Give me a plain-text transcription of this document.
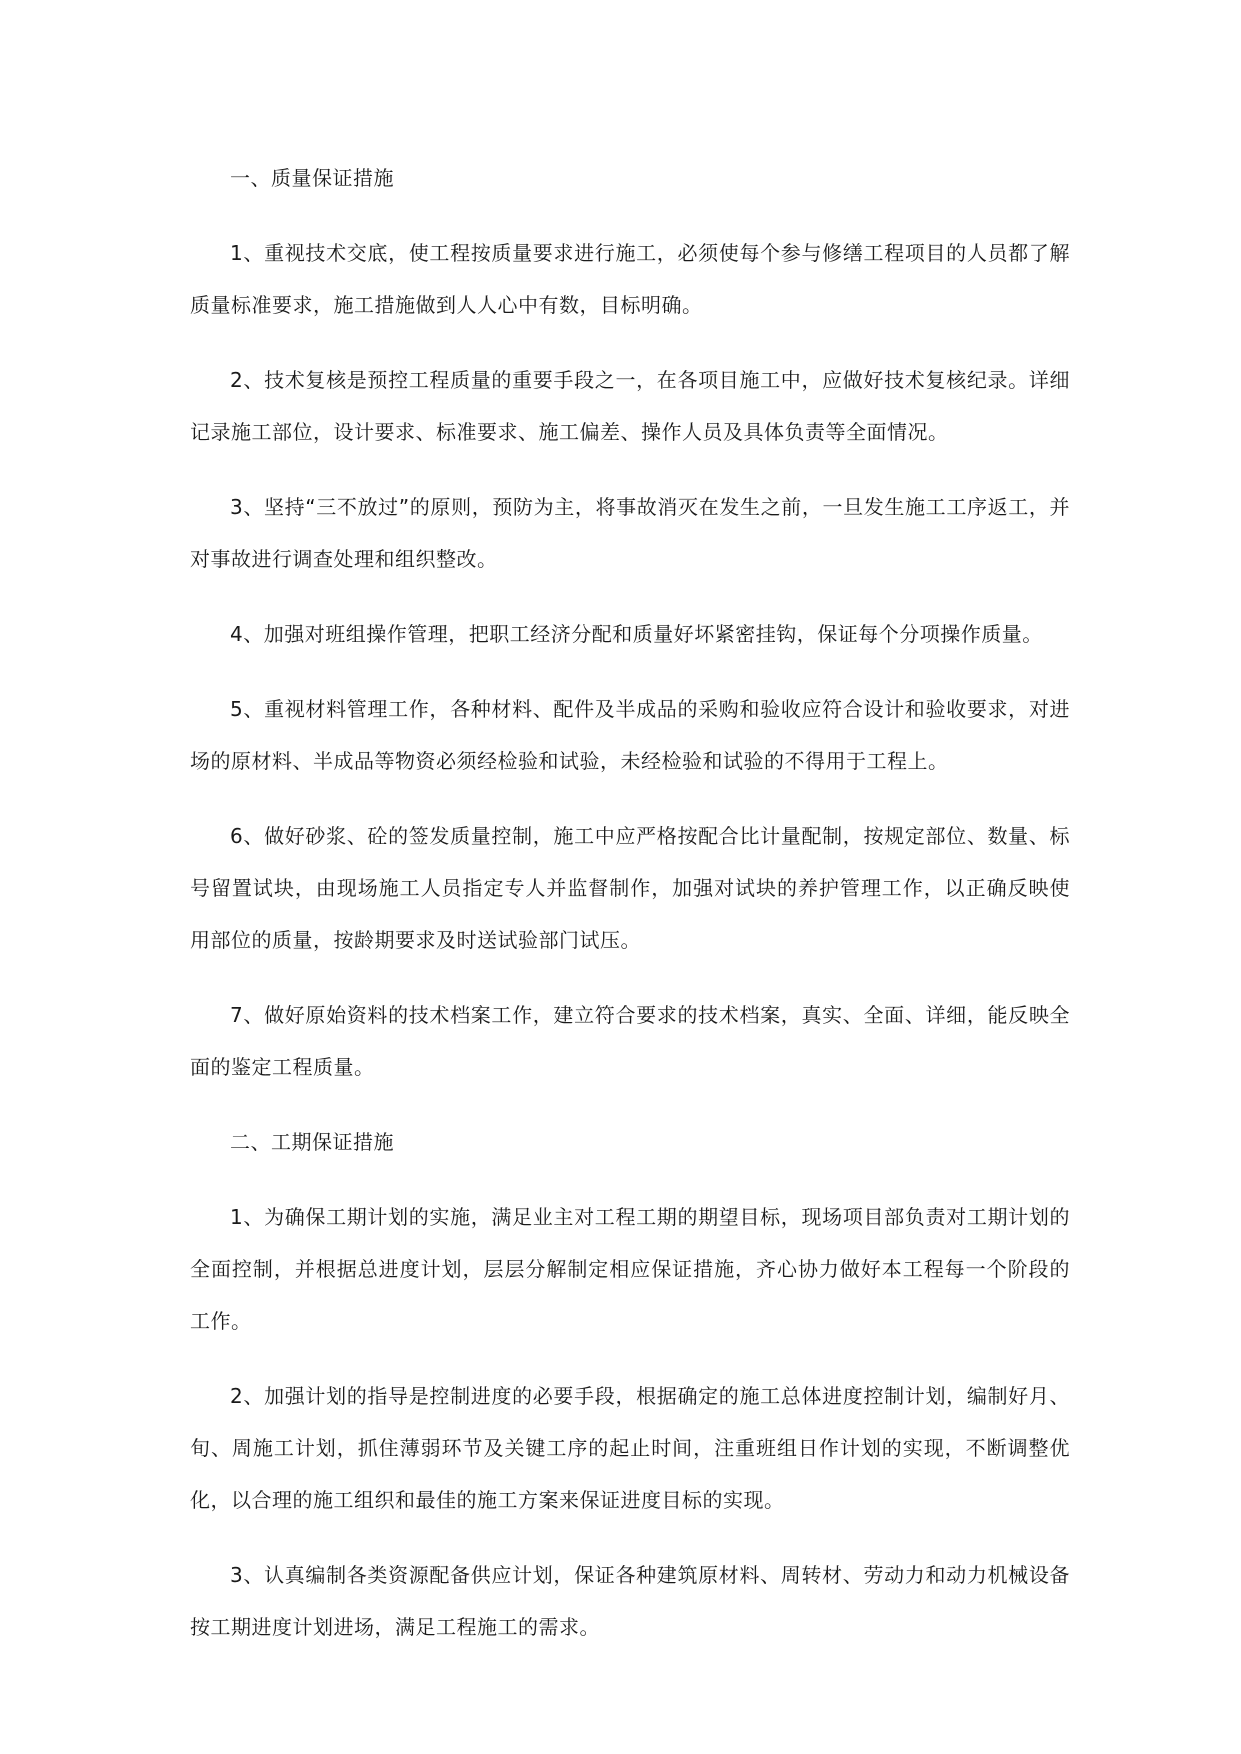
一、质量保证措施

1、重视技术交底，使工程按质量要求进行施工，必须使每个参与修缮工程项目的人员都了解质量标准要求，施工措施做到人人心中有数，目标明确。

2、技术复核是预控工程质量的重要手段之一，在各项目施工中，应做好技术复核纪录。详细记录施工部位，设计要求、标准要求、施工偏差、操作人员及具体负责等全面情况。

3、坚持“三不放过”的原则，预防为主，将事故消灭在发生之前，一旦发生施工工序返工，并对事故进行调查处理和组织整改。

4、加强对班组操作管理，把职工经济分配和质量好坏紧密挂钩，保证每个分项操作质量。

5、重视材料管理工作，各种材料、配件及半成品的采购和验收应符合设计和验收要求，对进场的原材料、半成品等物资必须经检验和试验，未经检验和试验的不得用于工程上。

6、做好砂浆、砼的签发质量控制，施工中应严格按配合比计量配制，按规定部位、数量、标号留置试块，由现场施工人员指定专人并监督制作，加强对试块的养护管理工作，以正确反映使用部位的质量，按龄期要求及时送试验部门试压。

7、做好原始资料的技术档案工作，建立符合要求的技术档案，真实、全面、详细，能反映全面的鉴定工程质量。

二、工期保证措施

1、为确保工期计划的实施，满足业主对工程工期的期望目标，现场项目部负责对工期计划的全面控制，并根据总进度计划，层层分解制定相应保证措施，齐心协力做好本工程每一个阶段的工作。

2、加强计划的指导是控制进度的必要手段，根据确定的施工总体进度控制计划，编制好月、旬、周施工计划，抓住薄弱环节及关键工序的起止时间，注重班组日作计划的实现，不断调整优化，以合理的施工组织和最佳的施工方案来保证进度目标的实现。

3、认真编制各类资源配备供应计划，保证各种建筑原材料、周转材、劳动力和动力机械设备按工期进度计划进场，满足工程施工的需求。
